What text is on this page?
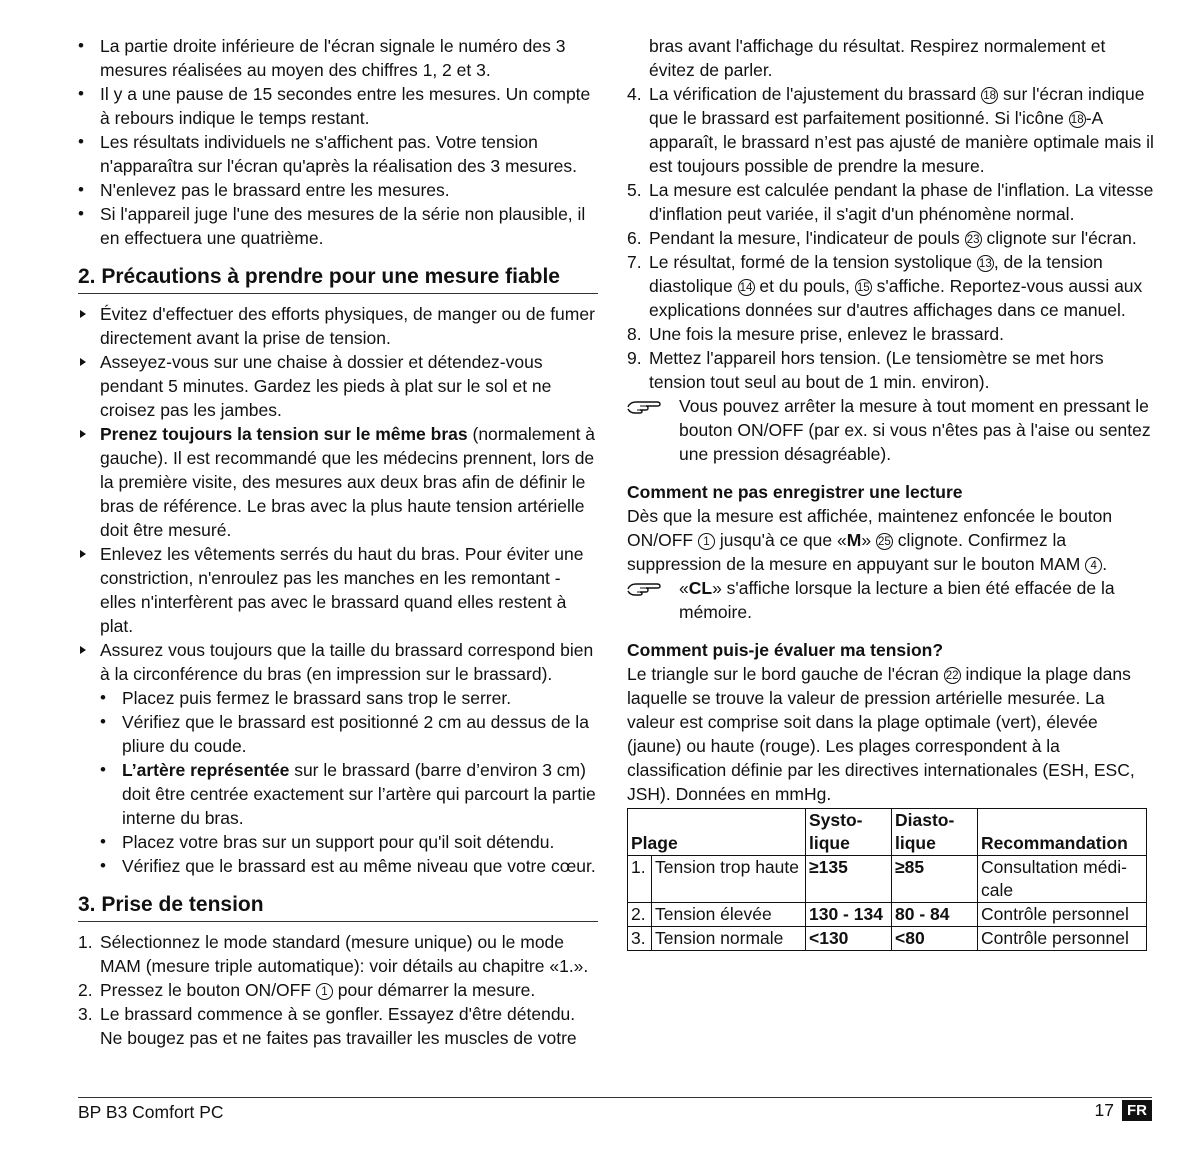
• La partie droite inférieure de l'écran signale le numéro des 3 mesures réalisées au moyen des chiffres 1, 2 et 3.
• Il y a une pause de 15 secondes entre les mesures. Un compte à rebours indique le temps restant.
• Les résultats individuels ne s'affichent pas. Votre tension n'apparaîtra sur l'écran qu'après la réalisation des 3 mesures.
• N'enlevez pas le brassard entre les mesures.
• Si l'appareil juge l'une des mesures de la série non plausible, il en effectuera une quatrième.
2. Précautions à prendre pour une mesure fiable
Évitez d'effectuer des efforts physiques, de manger ou de fumer directement avant la prise de tension.
Asseyez-vous sur une chaise à dossier et détendez-vous pendant 5 minutes. Gardez les pieds à plat sur le sol et ne croisez pas les jambes.
Prenez toujours la tension sur le même bras (normalement à gauche). Il est recommandé que les médecins prennent, lors de la première visite, des mesures aux deux bras afin de définir le bras de référence. Le bras avec la plus haute tension artérielle doit être mesuré.
Enlevez les vêtements serrés du haut du bras. Pour éviter une constriction, n'enroulez pas les manches en les remontant - elles n'interfèrent pas avec le brassard quand elles restent à plat.
Assurez vous toujours que la taille du brassard correspond bien à la circonférence du bras (en impression sur le brassard).
• Placez puis fermez le brassard sans trop le serrer.
• Vérifiez que le brassard est positionné 2 cm au dessus de la pliure du coude.
• L’artère représentée sur le brassard (barre d’environ 3 cm) doit être centrée exactement sur l’artère qui parcourt la partie interne du bras.
• Placez votre bras sur un support pour qu'il soit détendu.
• Vérifiez que le brassard est au même niveau que votre cœur.
3. Prise de tension
1. Sélectionnez le mode standard (mesure unique) ou le mode MAM (mesure triple automatique): voir détails au chapitre «1.».
2. Pressez le bouton ON/OFF 1 pour démarrer la mesure.
3. Le brassard commence à se gonfler. Essayez d'être détendu. Ne bougez pas et ne faites pas travailler les muscles de votre
bras avant l'affichage du résultat. Respirez normalement et évitez de parler.
4. La vérification de l'ajustement du brassard 18 sur l'écran indique que le brassard est parfaitement positionné. Si l'icône 18 -A apparaît, le brassard n’est pas ajusté de manière optimale mais il est toujours possible de prendre la mesure.
5. La mesure est calculée pendant la phase de l'inflation. La vitesse d'inflation peut variée, il s'agit d'un phénomène normal.
6. Pendant la mesure, l'indicateur de pouls 23 clignote sur l'écran.
7. Le résultat, formé de la tension systolique 13 , de la tension diastolique 14 et du pouls, 15 s'affiche. Reportez-vous aussi aux explications données sur d'autres affichages dans ce manuel.
8. Une fois la mesure prise, enlevez le brassard.
9. Mettez l'appareil hors tension. (Le tensiomètre se met hors tension tout seul au bout de 1 min. environ).
Vous pouvez arrêter la mesure à tout moment en pressant le bouton ON/OFF (par ex. si vous n'êtes pas à l'aise ou sentez une pression désagréable).
Comment ne pas enregistrer une lecture
Dès que la mesure est affichée, maintenez enfoncée le bouton ON/OFF 1 jusqu'à ce que «M» 25 clignote. Confirmez la suppression de la mesure en appuyant sur le bouton MAM 4 .
«CL» s'affiche lorsque la lecture a bien été effacée de la mémoire.
Comment puis-je évaluer ma tension?
Le triangle sur le bord gauche de l'écran 22 indique la plage dans laquelle se trouve la valeur de pression artérielle mesurée. La valeur est comprise soit dans la plage optimale (vert), élevée (jaune) ou haute (rouge). Les plages correspondent à la classification définie par les directives internationales (ESH, ESC, JSH). Données en mmHg.
Plage		Systo-lique	Diasto-lique	Recommandation
1.	Tension trop haute	≥135	≥85	Consultation médi-cale
2.	Tension élevée	130 - 134	80 - 84	Contrôle personnel
3.	Tension normale	<130	<80	Contrôle personnel
BP B3 Comfort PC	17 FR
